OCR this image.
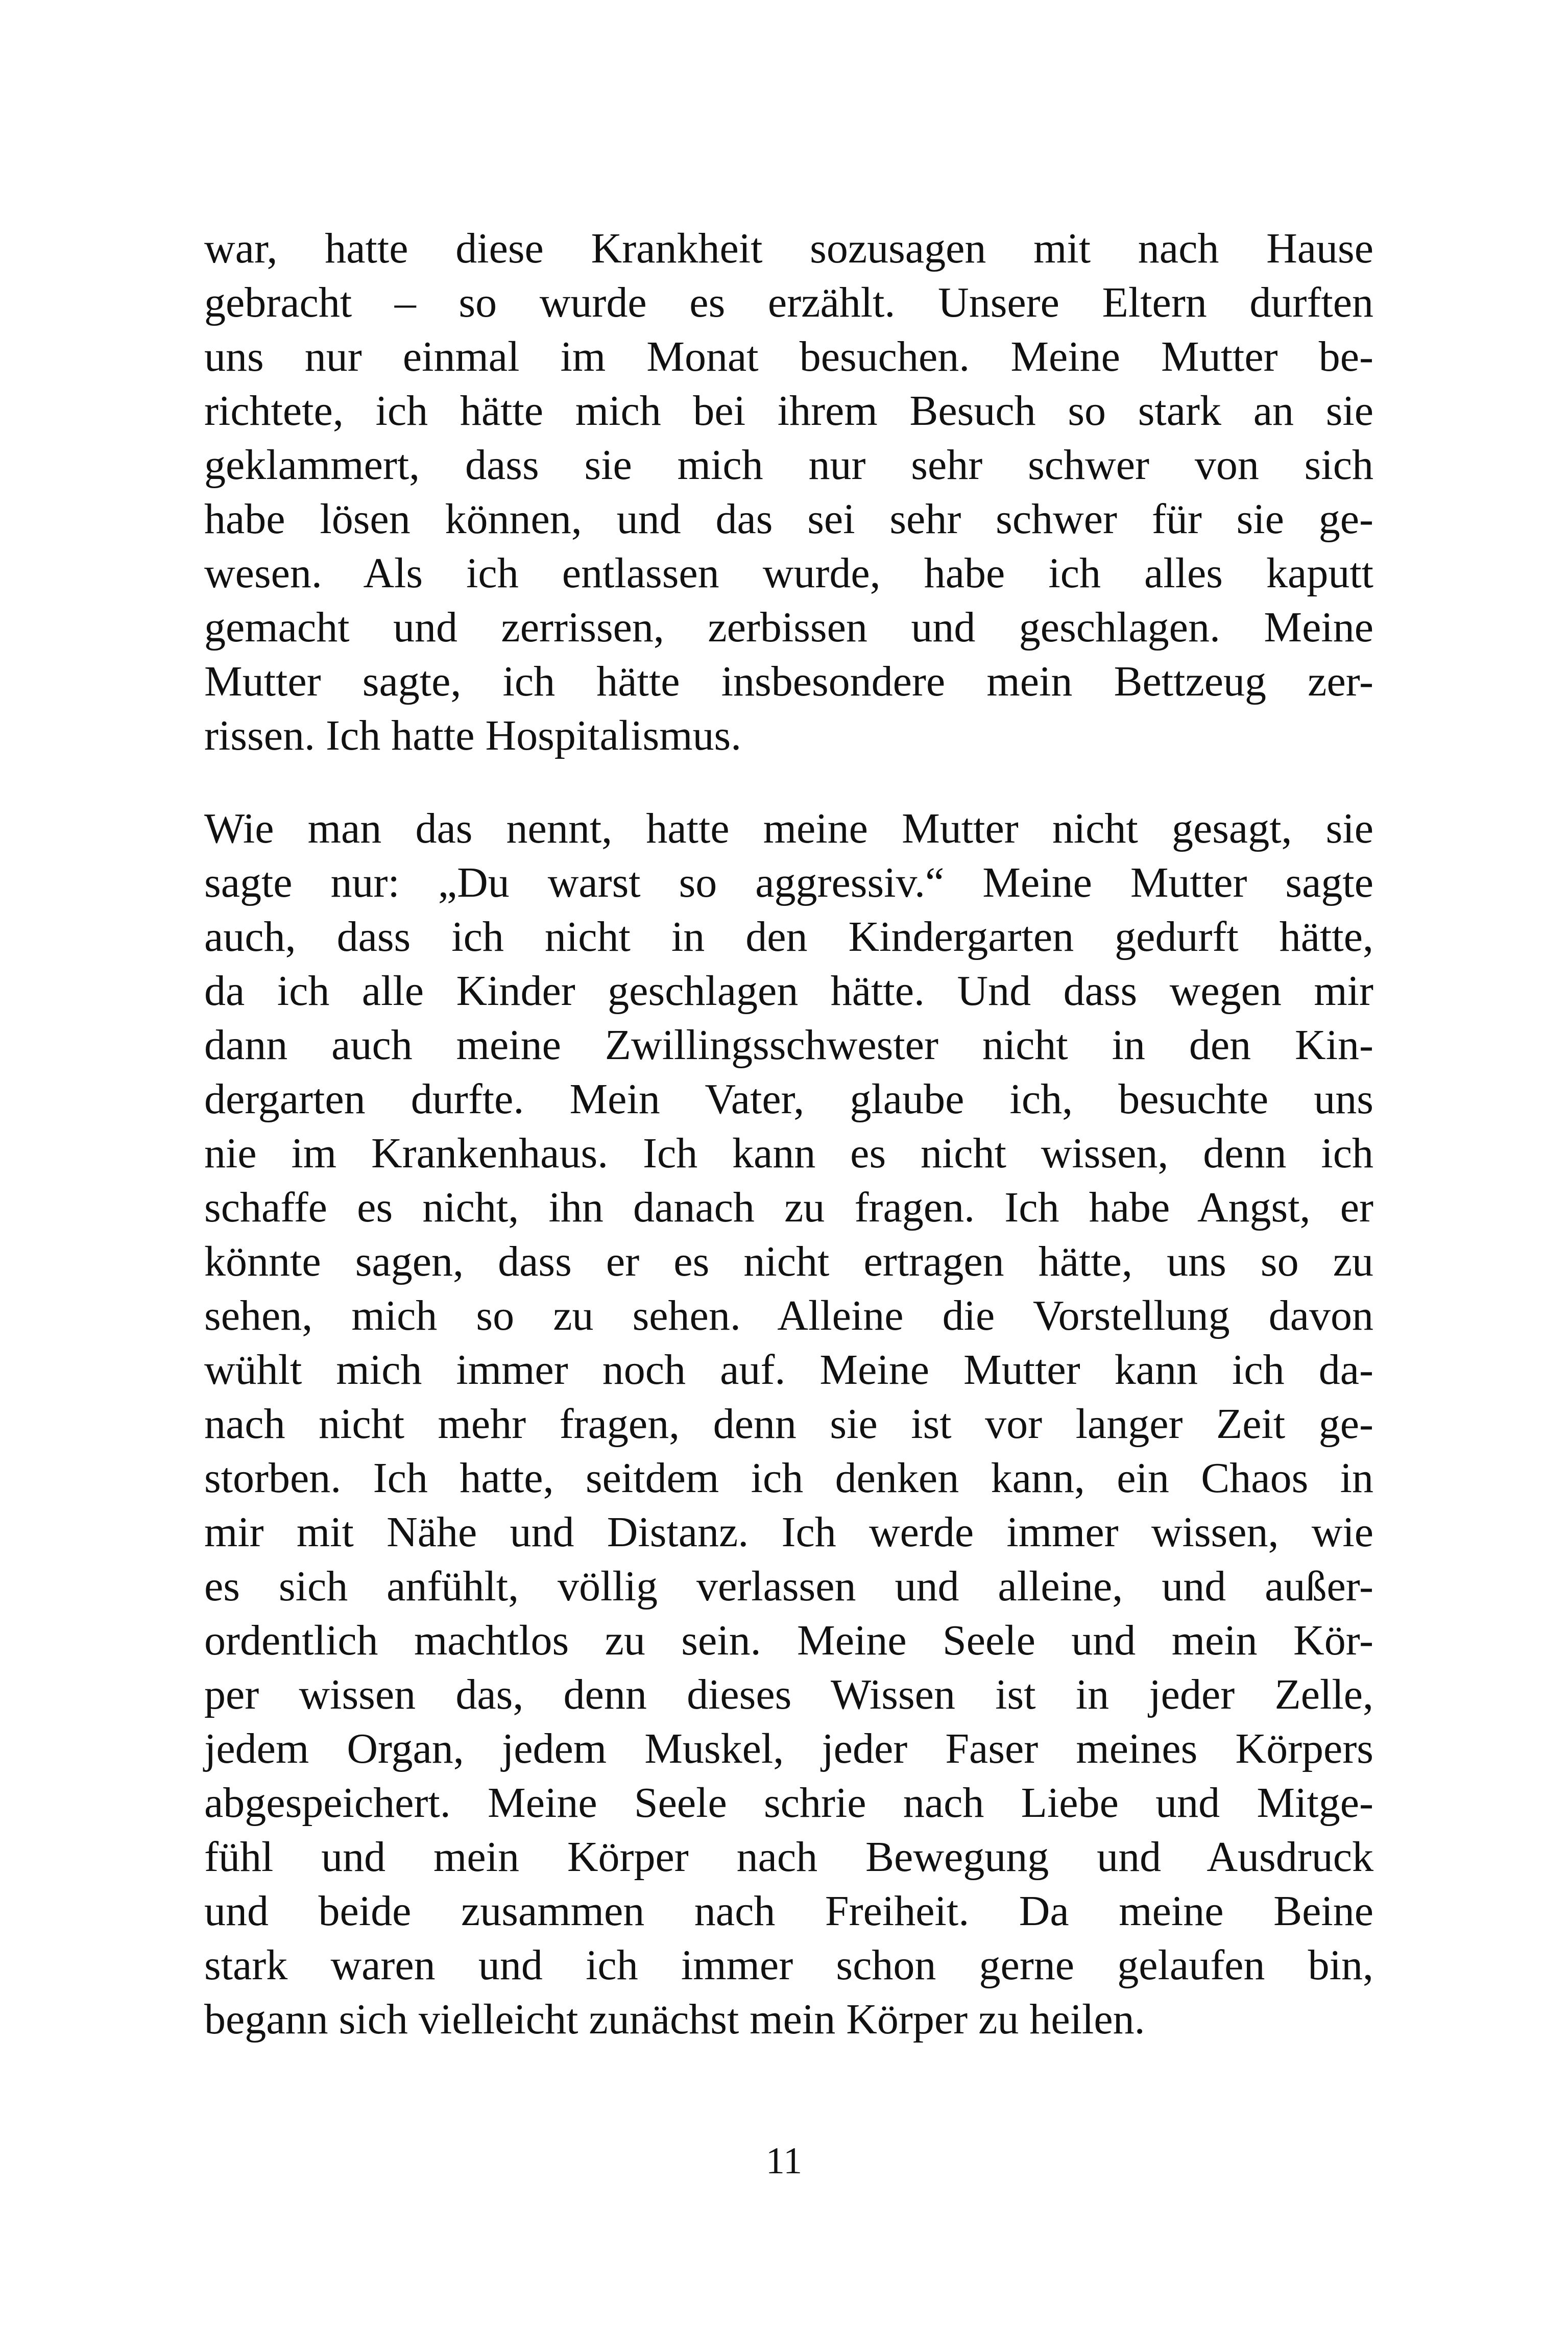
war, hatte diese Krankheit sozusagen mit nach Hause
gebracht – so wurde es erzählt. Unsere Eltern durften
uns nur einmal im Monat besuchen. Meine Mutter be-
richtete, ich hätte mich bei ihrem Besuch so stark an sie
geklammert, dass sie mich nur sehr schwer von sich
habe lösen können, und das sei sehr schwer für sie ge-
wesen. Als ich entlassen wurde, habe ich alles kaputt
gemacht und zerrissen, zerbissen und geschlagen. Meine
Mutter sagte, ich hätte insbesondere mein Bettzeug zer-
rissen. Ich hatte Hospitalismus.
Wie man das nennt, hatte meine Mutter nicht gesagt, sie
sagte nur: „Du warst so aggressiv.“ Meine Mutter sagte
auch, dass ich nicht in den Kindergarten gedurft hätte,
da ich alle Kinder geschlagen hätte. Und dass wegen mir
dann auch meine Zwillingsschwester nicht in den Kin-
dergarten durfte. Mein Vater, glaube ich, besuchte uns
nie im Krankenhaus. Ich kann es nicht wissen, denn ich
schaffe es nicht, ihn danach zu fragen. Ich habe Angst, er
könnte sagen, dass er es nicht ertragen hätte, uns so zu
sehen, mich so zu sehen. Alleine die Vorstellung davon
wühlt mich immer noch auf. Meine Mutter kann ich da-
nach nicht mehr fragen, denn sie ist vor langer Zeit ge-
storben. Ich hatte, seitdem ich denken kann, ein Chaos in
mir mit Nähe und Distanz. Ich werde immer wissen, wie
es sich anfühlt, völlig verlassen und alleine, und außer-
ordentlich machtlos zu sein. Meine Seele und mein Kör-
per wissen das, denn dieses Wissen ist in jeder Zelle,
jedem Organ, jedem Muskel, jeder Faser meines Körpers
abgespeichert. Meine Seele schrie nach Liebe und Mitge-
fühl und mein Körper nach Bewegung und Ausdruck
und beide zusammen nach Freiheit. Da meine Beine
stark waren und ich immer schon gerne gelaufen bin,
begann sich vielleicht zunächst mein Körper zu heilen.
11
